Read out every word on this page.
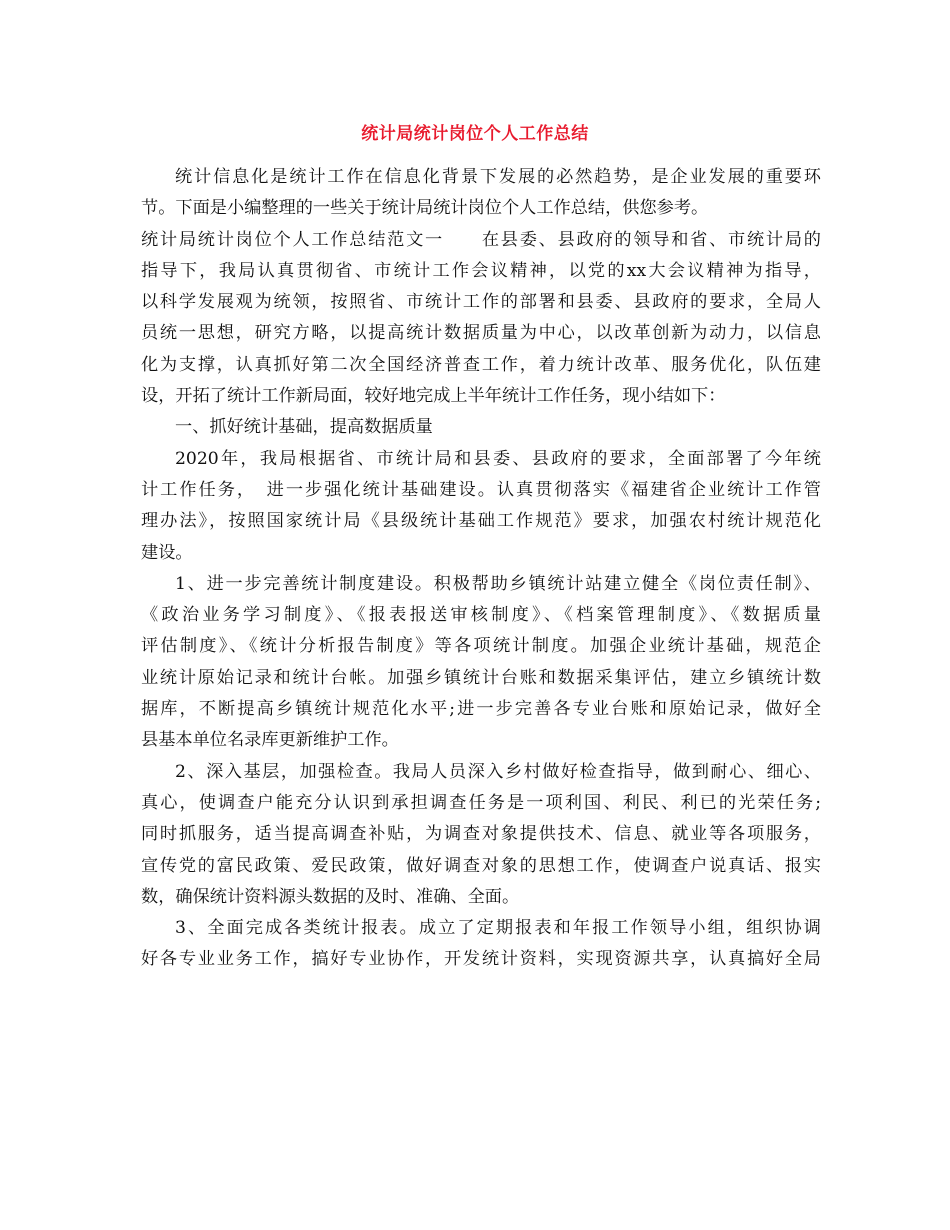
统计局统计岗位个人工作总结
统计信息化是统计工作在信息化背景下发展的必然趋势，是企业发展的重要环
节。下面是小编整理的一些关于统计局统计岗位个人工作总结，供您参考。
统计局统计岗位个人工作总结范文一　　在县委、县政府的领导和省、市统计局的
指导下，我局认真贯彻省、市统计工作会议精神，以党的xx大会议精神为指导，
以科学发展观为统领，按照省、市统计工作的部署和县委、县政府的要求，全局人
员统一思想，研究方略，以提高统计数据质量为中心，以改革创新为动力，以信息
化为支撑，认真抓好第二次全国经济普查工作，着力统计改革、服务优化，队伍建
设，开拓了统计工作新局面，较好地完成上半年统计工作任务，现小结如下：
一、抓好统计基础，提高数据质量
2020年，我局根据省、市统计局和县委、县政府的要求，全面部署了今年统
计工作任务，　进一步强化统计基础建设。认真贯彻落实《福建省企业统计工作管
理办法》，按照国家统计局《县级统计基础工作规范》要求，加强农村统计规范化
建设。
1、进一步完善统计制度建设。积极帮助乡镇统计站建立健全《岗位责任制》、
《政治业务学习制度》、《报表报送审核制度》、《档案管理制度》、《数据质量
评估制度》、《统计分析报告制度》等各项统计制度。加强企业统计基础，规范企
业统计原始记录和统计台帐。加强乡镇统计台账和数据采集评估，建立乡镇统计数
据库，不断提高乡镇统计规范化水平;进一步完善各专业台账和原始记录，做好全
县基本单位名录库更新维护工作。
2、深入基层，加强检查。我局人员深入乡村做好检查指导，做到耐心、细心、
真心，使调查户能充分认识到承担调查任务是一项利国、利民、利已的光荣任务;
同时抓服务，适当提高调查补贴，为调查对象提供技术、信息、就业等各项服务，
宣传党的富民政策、爱民政策，做好调查对象的思想工作，使调查户说真话、报实
数，确保统计资料源头数据的及时、准确、全面。
3、全面完成各类统计报表。成立了定期报表和年报工作领导小组，组织协调
好各专业业务工作，搞好专业协作，开发统计资料，实现资源共享，认真搞好全局
